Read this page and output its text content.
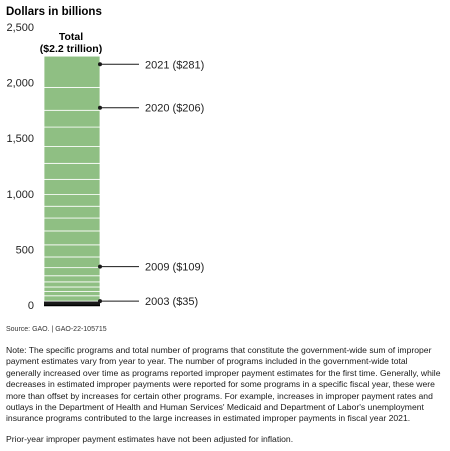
Dollars in billions
0
500
1,000
1,500
2,000
2,500
Total
($2.2 trillion)
2021 ($281)
2020 ($206)
2009 ($109)
2003 ($35)
Source: GAO. | GAO-22-105715

Note: The specific programs and total number of programs that constitute the government-wide sum of improper payment estimates vary from year to year. The number of programs included in the government-wide total generally increased over time as programs reported improper payment estimates for the first time. Generally, while decreases in estimated improper payments were reported for some programs in a specific fiscal year, these were more than offset by increases for certain other programs. For example, increases in improper payment rates and outlays in the Department of Health and Human Services' Medicaid and Department of Labor's unemployment insurance programs contributed to the large increases in estimated improper payments in fiscal year 2021.

Prior-year improper payment estimates have not been adjusted for inflation.
